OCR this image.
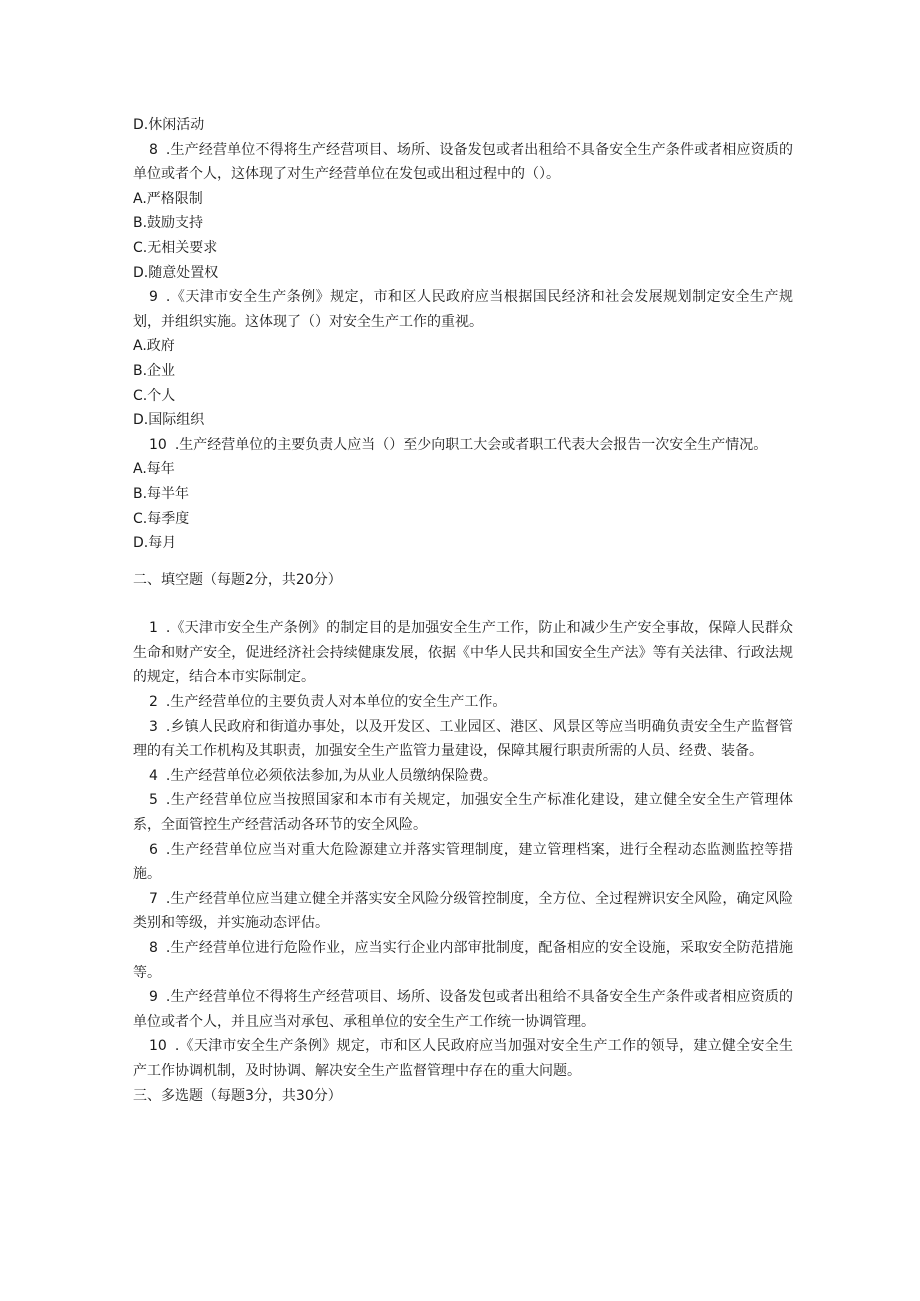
D.休闲活动

8 .生产经营单位不得将生产经营项目、场所、设备发包或者出租给不具备安全生产条件或者相应资质的单位或者个人，这体现了对生产经营单位在发包或出租过程中的（）。

A.严格限制

B.鼓励支持

C.无相关要求

D.随意处置权

9 .《天津市安全生产条例》规定，市和区人民政府应当根据国民经济和社会发展规划制定安全生产规划，并组织实施。这体现了（）对安全生产工作的重视。

A.政府

B.企业

C.个人

D.国际组织

10 .生产经营单位的主要负责人应当（）至少向职工大会或者职工代表大会报告一次安全生产情况。

A.每年

B.每半年

C.每季度

D.每月

二、填空题（每题2分，共20分）

1 .《天津市安全生产条例》的制定目的是加强安全生产工作，防止和减少生产安全事故，保障人民群众生命和财产安全，促进经济社会持续健康发展，依据《中华人民共和国安全生产法》等有关法律、行政法规的规定，结合本市实际制定。

2 .生产经营单位的主要负责人对本单位的安全生产工作。

3 .乡镇人民政府和街道办事处，以及开发区、工业园区、港区、风景区等应当明确负责安全生产监督管理的有关工作机构及其职责，加强安全生产监管力量建设，保障其履行职责所需的人员、经费、装备。

4 .生产经营单位必须依法参加,为从业人员缴纳保险费。

5 .生产经营单位应当按照国家和本市有关规定，加强安全生产标准化建设，建立健全安全生产管理体系，全面管控生产经营活动各环节的安全风险。

6 .生产经营单位应当对重大危险源建立并落实管理制度，建立管理档案，进行全程动态监测监控等措施。

7 .生产经营单位应当建立健全并落实安全风险分级管控制度，全方位、全过程辨识安全风险，确定风险类别和等级，并实施动态评估。

8 .生产经营单位进行危险作业，应当实行企业内部审批制度，配备相应的安全设施，采取安全防范措施等。

9 .生产经营单位不得将生产经营项目、场所、设备发包或者出租给不具备安全生产条件或者相应资质的单位或者个人，并且应当对承包、承租单位的安全生产工作统一协调管理。

10 .《天津市安全生产条例》规定，市和区人民政府应当加强对安全生产工作的领导，建立健全安全生产工作协调机制，及时协调、解决安全生产监督管理中存在的重大问题。

三、多选题（每题3分，共30分）
